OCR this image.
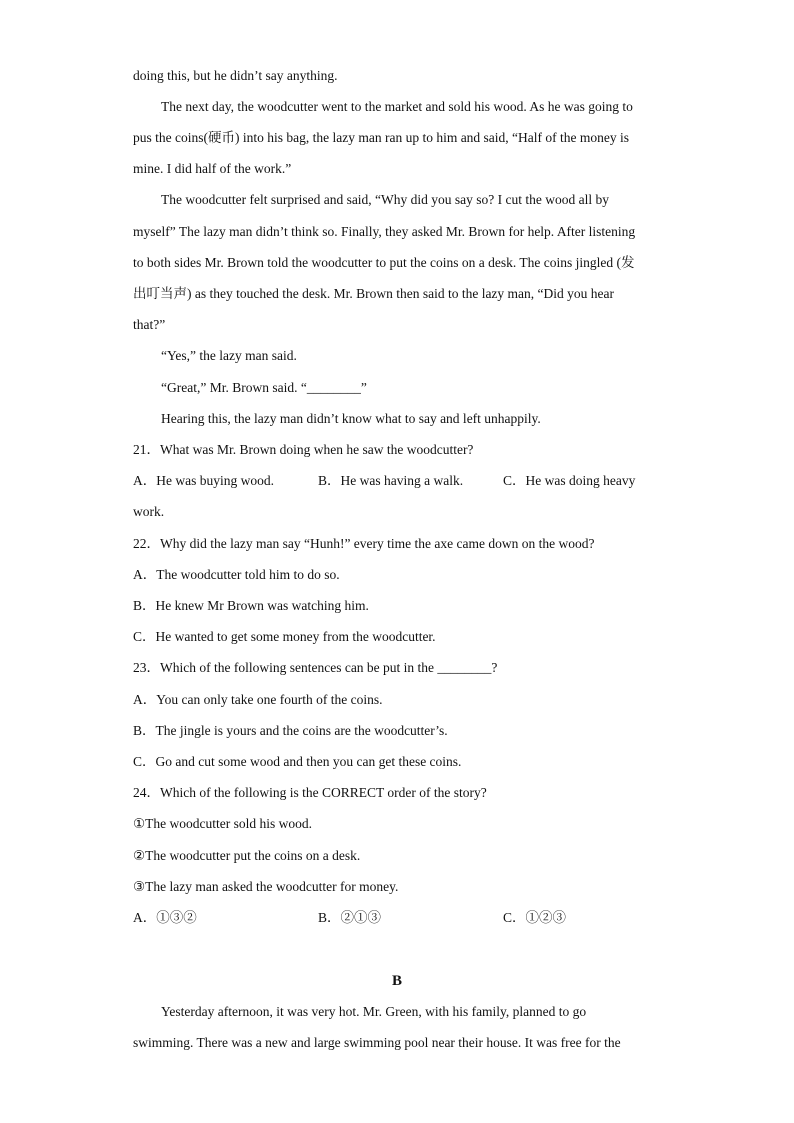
doing this, but he didn’t say anything.
The next day, the woodcutter went to the market and sold his wood. As he was going to
pus the coins(硬币) into his bag, the lazy man ran up to him and said, “Half of the money is
mine. I did half of the work.”
The woodcutter felt surprised and said, “Why did you say so? I cut the wood all by
myself” The lazy man didn’t think so. Finally, they asked Mr. Brown for help. After listening
to both sides Mr. Brown told the woodcutter to put the coins on a desk. The coins jingled (发
出叮当声) as they touched the desk. Mr. Brown then said to the lazy man, “Did you hear
that?”
“Yes,” the lazy man said.
“Great,” Mr. Brown said. “________”
Hearing this, the lazy man didn’t know what to say and left unhappily.
21．What was Mr. Brown doing when he saw the woodcutter?
A．He was buying wood.	B．He was having a walk.	C．He was doing heavy
work.
22．Why did the lazy man say “Hunh!” every time the axe came down on the wood?
A．The woodcutter told him to do so.
B．He knew Mr Brown was watching him.
C．He wanted to get some money from the woodcutter.
23．Which of the following sentences can be put in the ________?
A．You can only take one fourth of the coins.
B．The jingle is yours and the coins are the woodcutter’s.
C．Go and cut some wood and then you can get these coins.
24．Which of the following is the CORRECT order of the story?
①The woodcutter sold his wood.
②The woodcutter put the coins on a desk.
③The lazy man asked the woodcutter for money.
A．①③②	B．②①③	C．①②③
B
Yesterday afternoon, it was very hot. Mr. Green, with his family, planned to go
swimming. There was a new and large swimming pool near their house. It was free for the
